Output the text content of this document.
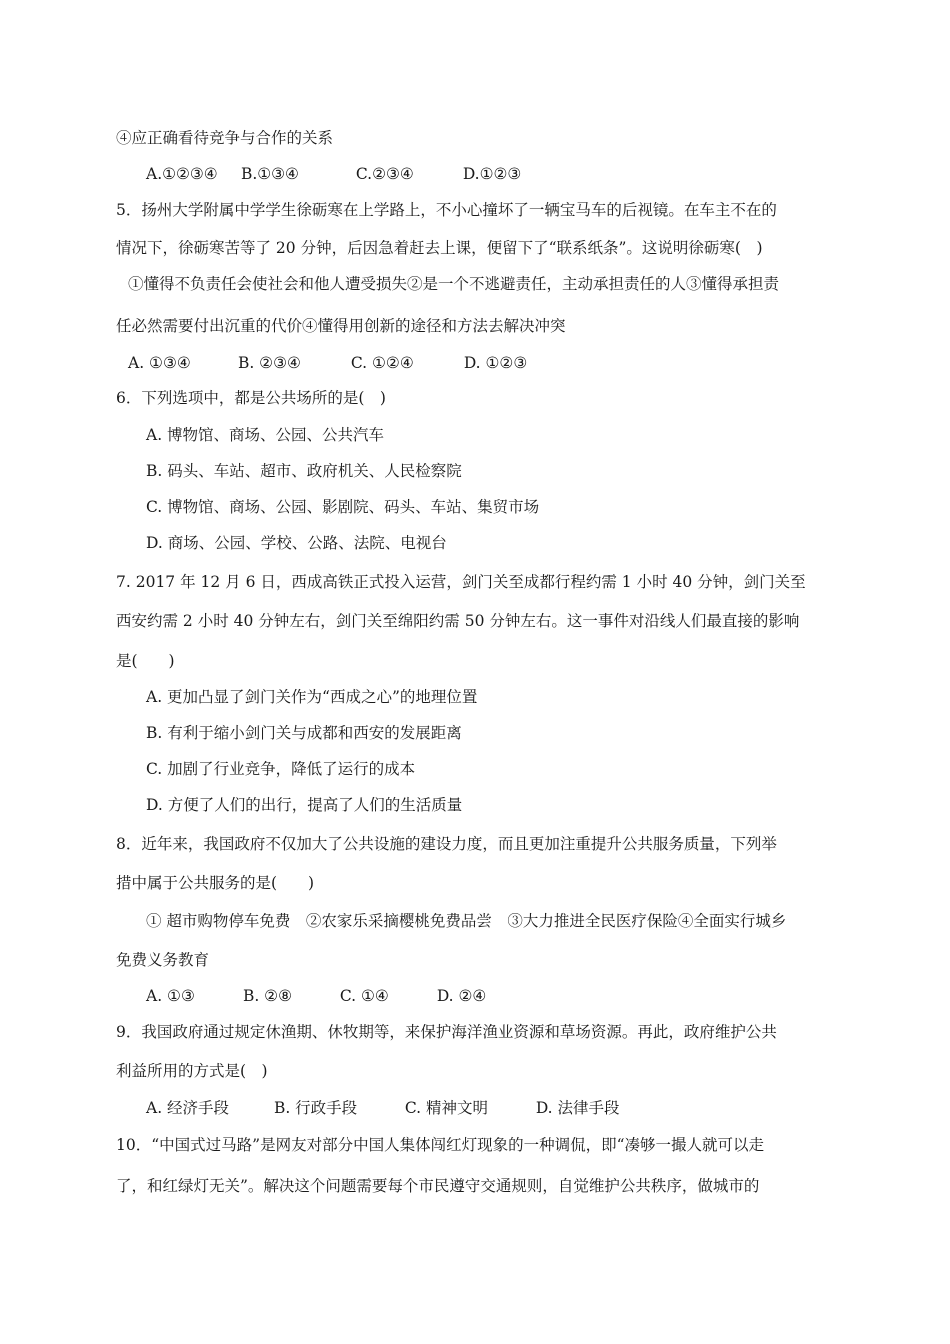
④应正确看待竞争与合作的关系
A.①②③④ B.①③④	C.②③④	D.①②③
5．扬州大学附属中学学生徐砺寒在上学路上，不小心撞坏了一辆宝马车的后视镜。在车主不在的
情况下，徐砺寒苦等了 20 分钟，后因急着赶去上课，便留下了“联系纸条”。这说明徐砺寒(　)
①懂得不负责任会使社会和他人遭受损失②是一个不逃避责任，主动承担责任的人③懂得承担责
任必然需要付出沉重的代价④懂得用创新的途径和方法去解决冲突
A. ①③④	B. ②③④	C. ①②④	D. ①②③
6．下列选项中，都是公共场所的是(　)
A. 博物馆、商场、公园、公共汽车
B. 码头、车站、超市、政府机关、人民检察院
C. 博物馆、商场、公园、影剧院、码头、车站、集贸市场
D. 商场、公园、学校、公路、法院、电视台
7. 2017 年 12 月 6 日，西成高铁正式投入运营，剑门关至成都行程约需 1 小时 40 分钟，剑门关至
西安约需 2 小时 40 分钟左右，剑门关至绵阳约需 50 分钟左右。这一事件对沿线人们最直接的影响
是(　　)
A. 更加凸显了剑门关作为“西成之心”的地理位置
B. 有利于缩小剑门关与成都和西安的发展距离
C. 加剧了行业竞争，降低了运行的成本
D. 方便了人们的出行，提高了人们的生活质量
8．近年来，我国政府不仅加大了公共设施的建设力度，而且更加注重提升公共服务质量，下列举
措中属于公共服务的是(　　)
① 超市购物停车免费　②农家乐采摘樱桃免费品尝　③大力推进全民医疗保险④全面实行城乡
免费义务教育
A. ①③	B. ②⑧	C. ①④	D. ②④
9．我国政府通过规定休渔期、休牧期等，来保护海洋渔业资源和草场资源。再此，政府维护公共
利益所用的方式是(　)
A. 经济手段	B. 行政手段	C. 精神文明	D. 法律手段
10．“中国式过马路”是网友对部分中国人集体闯红灯现象的一种调侃，即“凑够一撮人就可以走
了，和红绿灯无关”。解决这个问题需要每个市民遵守交通规则，自觉维护公共秩序，做城市的
